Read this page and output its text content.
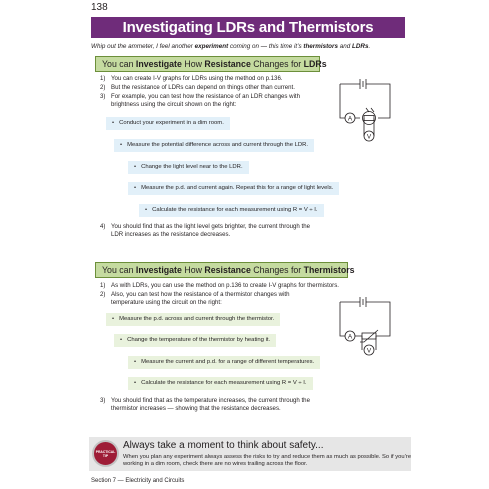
138
Investigating LDRs and Thermistors
Whip out the ammeter, I feel another experiment coming on — this time it’s thermistors and LDRs.
You can Investigate How Resistance Changes for LDRs
1) You can create I-V graphs for LDRs using the method on p.136.
2) But the resistance of LDRs can depend on things other than current.
3) For example, you can test how the resistance of an LDR changes with brightness using the circuit shown on the right:
• Conduct your experiment in a dim room.
• Measure the potential difference across and current through the LDR.
• Change the light level near to the LDR.
• Measure the p.d. and current again. Repeat this for a range of light levels.
• Calculate the resistance for each measurement using R = V ÷ I.
4) You should find that as the light level gets brighter, the current through the LDR increases as the resistance decreases.
A
V
You can Investigate How Resistance Changes for Thermistors
1) As with LDRs, you can use the method on p.136 to create I-V graphs for thermistors.
2) Also, you can test how the resistance of a thermistor changes with temperature using the circuit on the right:
• Measure the p.d. across and current through the thermistor.
• Change the temperature of the thermistor by heating it.
• Measure the current and p.d. for a range of different temperatures.
• Calculate the resistance for each measurement using R = V ÷ I.
3) You should find that as the temperature increases, the current through the thermistor increases — showing that the resistance decreases.
A
V
PRACTICAL TIP
Always take a moment to think about safety...
When you plan any experiment always assess the risks to try and reduce them as much as possible. So if you’re working in a dim room, check there are no wires trailing across the floor.
Section 7 — Electricity and Circuits
